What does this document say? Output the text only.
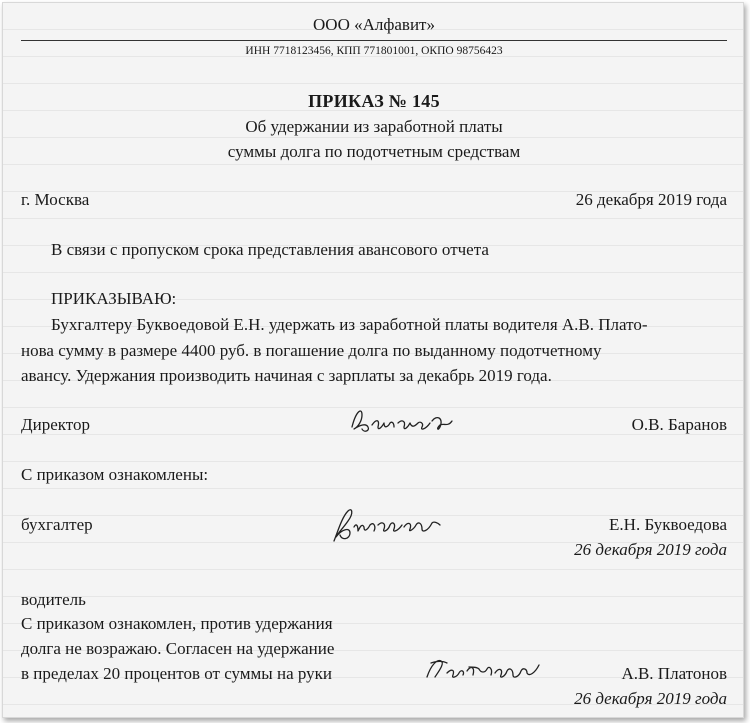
ООО «Алфавит»
ИНН 7718123456, КПП 771801001, ОКПО 98756423
ПРИКАЗ № 145
Об удержании из заработной платы
суммы долга по подотчетным средствам
г. Москва	26 декабря 2019 года
В связи с пропуском срока представления авансового отчета
ПРИКАЗЫВАЮ:
Бухгалтеру Буквоедовой Е.Н. удержать из заработной платы водителя А.В. Плато-
нова сумму в размере 4400 руб. в погашение долга по выданному подотчетному
авансу. Удержания производить начиная с зарплаты за декабрь 2019 года.
Директор	О.В. Баранов
С приказом ознакомлены:
бухгалтер	Е.Н. Буквоедова
26 декабря 2019 года
водитель
С приказом ознакомлен, против удержания
долга не возражаю. Согласен на удержание
в пределах 20 процентов от суммы на руки	А.В. Платонов
26 декабря 2019 года
